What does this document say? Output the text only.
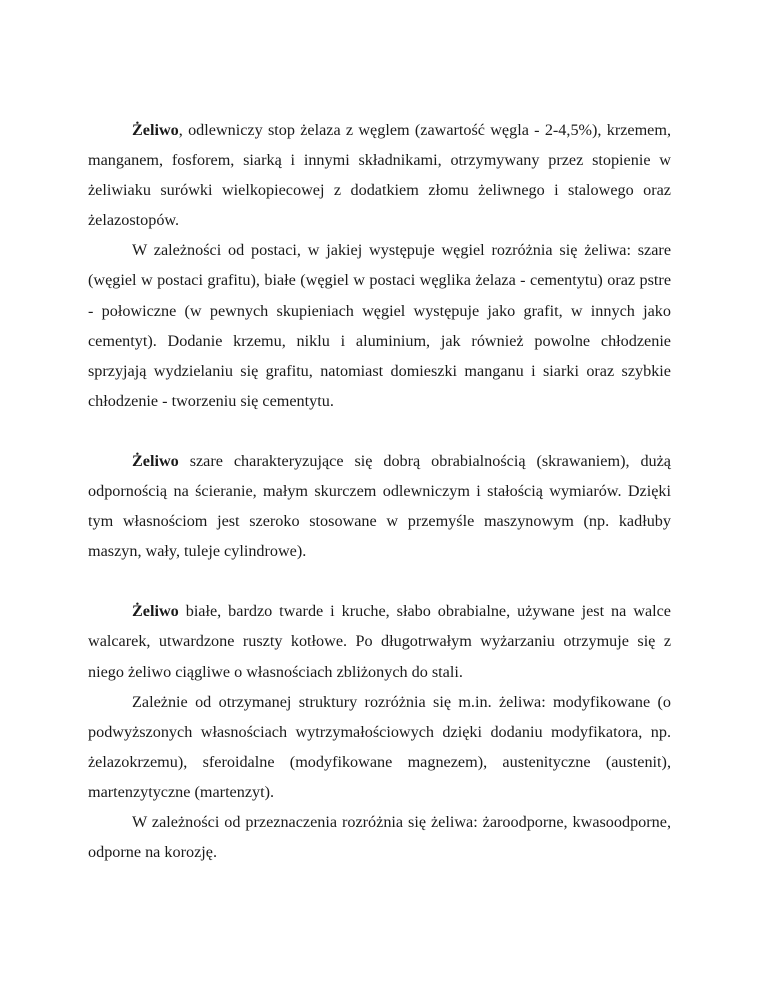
Żeliwo, odlewniczy stop żelaza z węglem (zawartość węgla - 2-4,5%), krzemem, manganem, fosforem, siarką i innymi składnikami, otrzymywany przez stopienie w żeliwiaku surówki wielkopiecowej z dodatkiem złomu żeliwnego i stalowego oraz żelazostopów.

W zależności od postaci, w jakiej występuje węgiel rozróżnia się żeliwa: szare (węgiel w postaci grafitu), białe (węgiel w postaci węglika żelaza - cementytu) oraz pstre - połowiczne (w pewnych skupieniach węgiel występuje jako grafit, w innych jako cementyt). Dodanie krzemu, niklu i aluminium, jak również powolne chłodzenie sprzyjają wydzielaniu się grafitu, natomiast domieszki manganu i siarki oraz szybkie chłodzenie - tworzeniu się cementytu.

Żeliwo szare charakteryzujące się dobrą obrabialnością (skrawaniem), dużą odpornością na ścieranie, małym skurczem odlewniczym i stałością wymiarów. Dzięki tym własnościom jest szeroko stosowane w przemyśle maszynowym (np. kadłuby maszyn, wały, tuleje cylindrowe).

Żeliwo białe, bardzo twarde i kruche, słabo obrabialne, używane jest na walce walcarek, utwardzone ruszty kotłowe. Po długotrwałym wyżarzaniu otrzymuje się z niego żeliwo ciągliwe o własnościach zbliżonych do stali.

Zależnie od otrzymanej struktury rozróżnia się m.in. żeliwa: modyfikowane (o podwyższonych własnościach wytrzymałościowych dzięki dodaniu modyfikatora, np. żelazokrzemu), sferoidalne (modyfikowane magnezem), austenityczne (austenit), martenzytyczne (martenzyt).

W zależności od przeznaczenia rozróżnia się żeliwa: żaroodporne, kwasoodporne, odporne na korozję.
